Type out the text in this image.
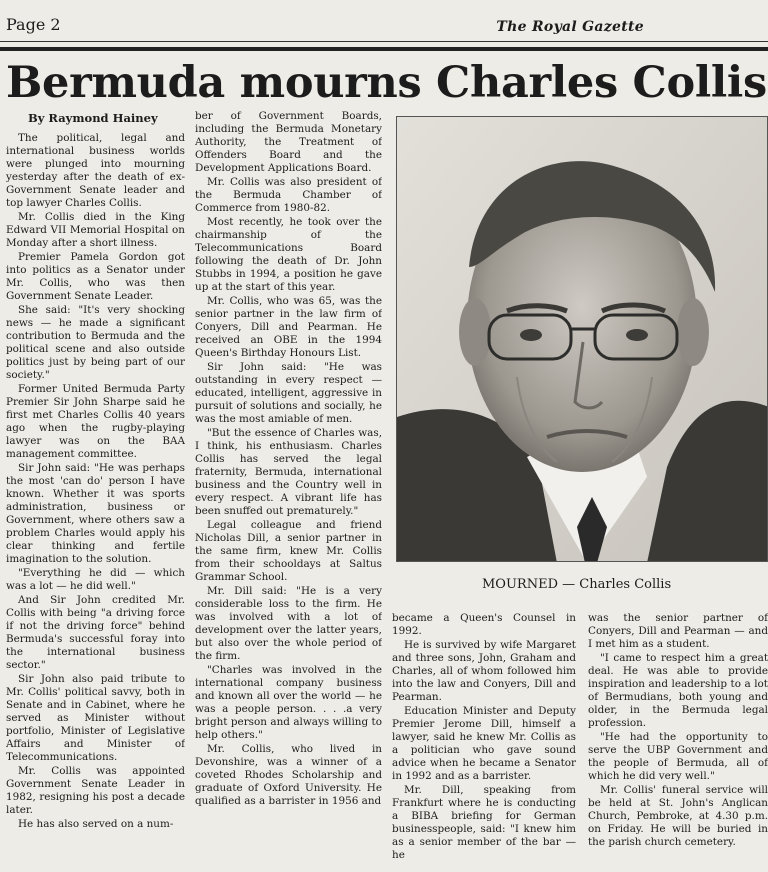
Page 2	The Royal Gazette
Bermuda mourns Charles Collis
By Raymond Hainey

The political, legal and international business worlds were plunged into mourning yesterday after the death of ex-Government Senate leader and top lawyer Charles Collis.

Mr. Collis died in the King Edward VII Memorial Hospital on Monday after a short illness.

Premier Pamela Gordon got into politics as a Senator under Mr. Collis, who was then Government Senate Leader.

She said: "It's very shocking news — he made a significant contribution to Bermuda and the political scene and also outside politics just by being part of our society."

Former United Bermuda Party Premier Sir John Sharpe said he first met Charles Collis 40 years ago when the rugby-playing lawyer was on the BAA management committee.

Sir John said: "He was perhaps the most 'can do' person I have known. Whether it was sports administration, business or Government, where others saw a problem Charles would apply his clear thinking and fertile imagination to the solution.

"Everything he did — which was a lot — he did well."

And Sir John credited Mr. Collis with being "a driving force if not the driving force" behind Bermuda's successful foray into the international business sector."

Sir John also paid tribute to Mr. Collis' political savvy, both in Senate and in Cabinet, where he served as Minister without portfolio, Minister of Legislative Affairs and Minister of Telecommunications.

Mr. Collis was appointed Government Senate Leader in 1982, resigning his post a decade later.

He has also served on a num-

ber of Government Boards, including the Bermuda Monetary Authority, the Treatment of Offenders Board and the Development Applications Board.

Mr. Collis was also president of the Bermuda Chamber of Commerce from 1980-82.

Most recently, he took over the chairmanship of the Telecommunications Board following the death of Dr. John Stubbs in 1994, a position he gave up at the start of this year.

Mr. Collis, who was 65, was the senior partner in the law firm of Conyers, Dill and Pearman. He received an OBE in the 1994 Queen's Birthday Honours List.

Sir John said: "He was outstanding in every respect — educated, intelligent, aggressive in pursuit of solutions and socially, he was the most amiable of men.

"But the essence of Charles was, I think, his enthusiasm. Charles Collis has served the legal fraternity, Bermuda, international business and the Country well in every respect. A vibrant life has been snuffed out prematurely."

Legal colleague and friend Nicholas Dill, a senior partner in the same firm, knew Mr. Collis from their schooldays at Saltus Grammar School.

Mr. Dill said: "He is a very considerable loss to the firm. He was involved with a lot of development over the latter years, but also over the whole period of the firm.

"Charles was involved in the international company business and known all over the world — he was a people person. . . .a very bright person and always willing to help others."

Mr. Collis, who lived in Devonshire, was a winner of a coveted Rhodes Scholarship and graduate of Oxford University. He qualified as a barrister in 1956 and

MOURNED — Charles Collis

became a Queen's Counsel in 1992.

He is survived by wife Margaret and three sons, John, Graham and Charles, all of whom followed him into the law and Conyers, Dill and Pearman.

Education Minister and Deputy Premier Jerome Dill, himself a lawyer, said he knew Mr. Collis as a politician who gave sound advice when he became a Senator in 1992 and as a barrister.

Mr. Dill, speaking from Frankfurt where he is conducting a BIBA briefing for German businesspeople, said: "I knew him as a senior member of the bar — he

was the senior partner of Conyers, Dill and Pearman — and I met him as a student.

"I came to respect him a great deal. He was able to provide inspiration and leadership to a lot of Bermudians, both young and older, in the Bermuda legal profession.

"He had the opportunity to serve the UBP Government and the people of Bermuda, all of which he did very well."

Mr. Collis' funeral service will be held at St. John's Anglican Church, Pembroke, at 4.30 p.m. on Friday. He will be buried in the parish church cemetery.
